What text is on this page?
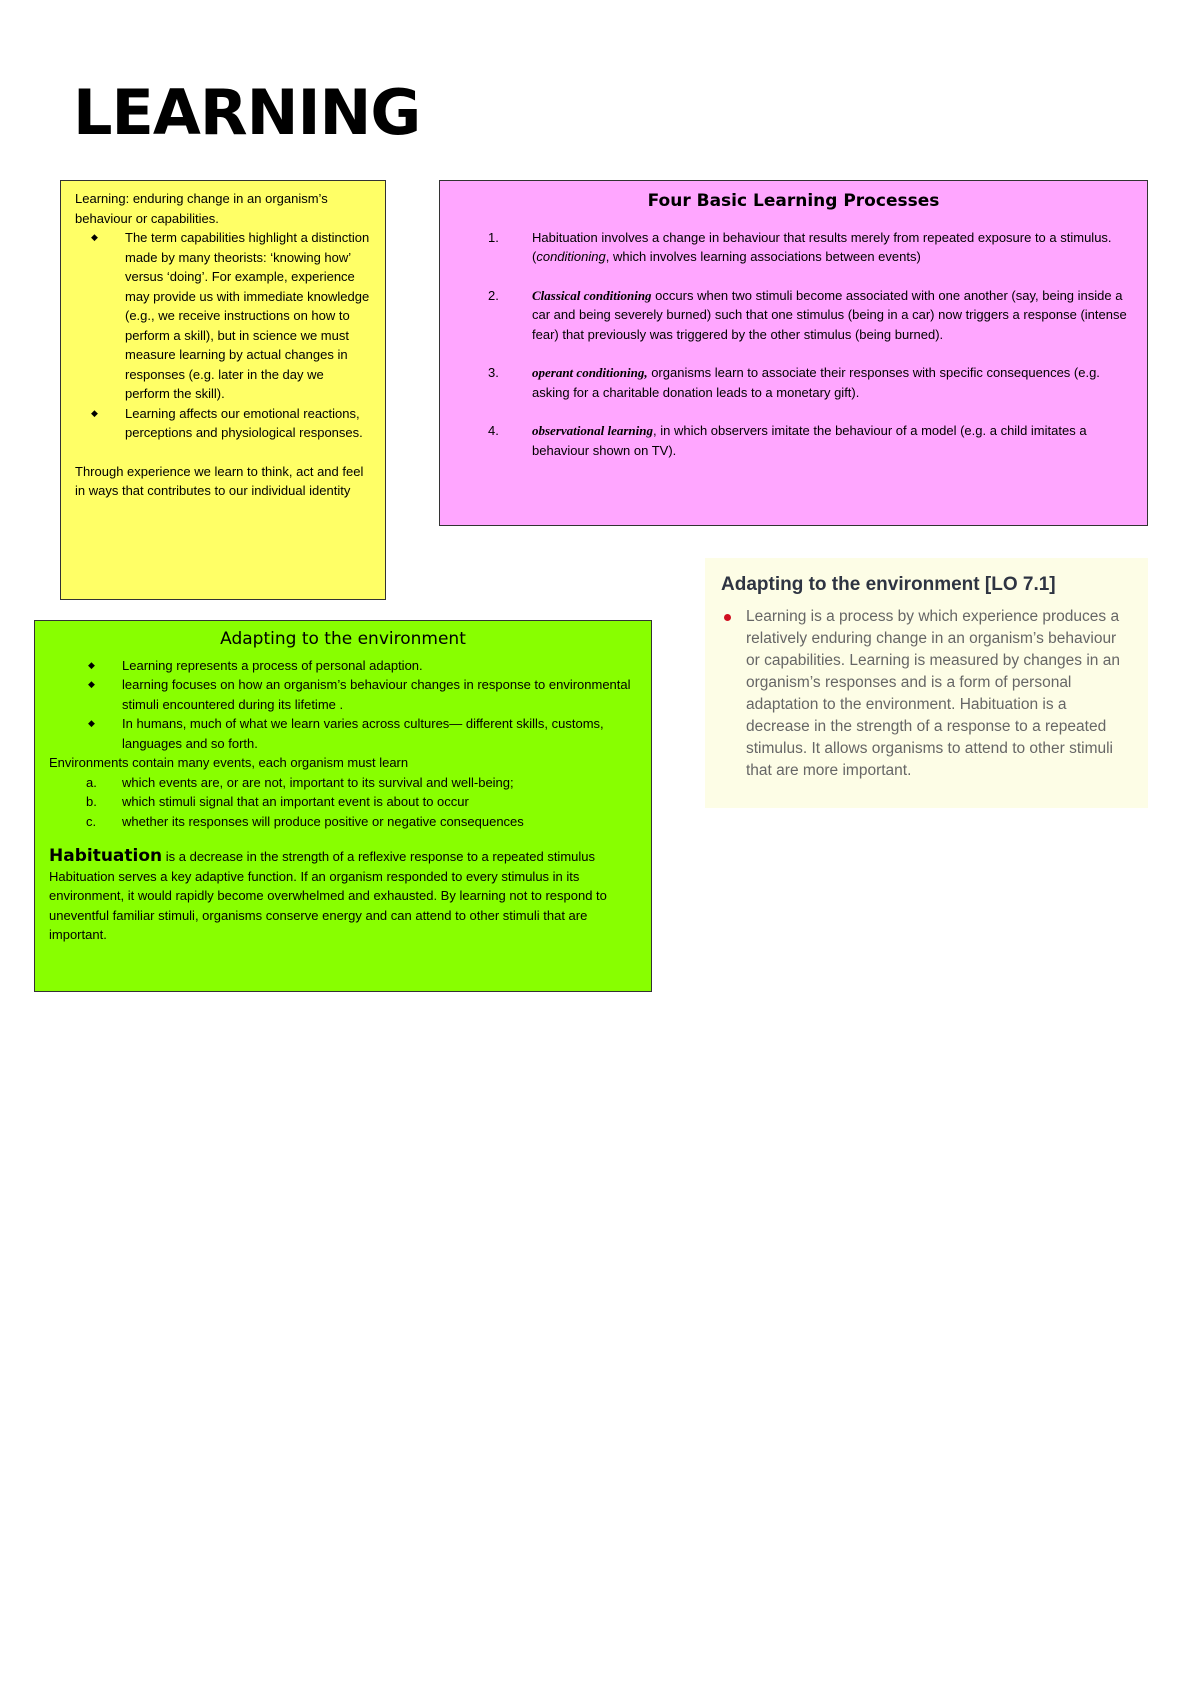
LEARNING

Learning: enduring change in an organism’s behaviour or capabilities.

◆ The term capabilities highlight a distinction made by many theorists: ‘knowing how’ versus ‘doing’. For example, experience may provide us with immediate knowledge (e.g., we receive instructions on how to perform a skill), but in science we must measure learning by actual changes in responses (e.g. later in the day we perform the skill).
◆ Learning affects our emotional reactions, perceptions and physiological responses.

Through experience we learn to think, act and feel in ways that contributes to our individual identity

Four Basic Learning Processes
1.	Habituation involves a change in behaviour that results merely from repeated exposure to a stimulus. (conditioning, which involves learning associations between events)
2.	Classical conditioning occurs when two stimuli become associated with one another (say, being inside a car and being severely burned) such that one stimulus (being in a car) now triggers a response (intense fear) that previously was triggered by the other stimulus (being burned).
3.	operant conditioning, organisms learn to associate their responses with specific consequences (e.g. asking for a charitable donation leads to a monetary gift).
4.	observational learning, in which observers imitate the behaviour of a model (e.g. a child imitates a behaviour shown on TV).
Adapting to the environment [LO 7.1]
Learning is a process by which experience produces a relatively enduring change in an organism’s behaviour or capabilities. Learning is measured by changes in an organism’s responses and is a form of personal adaptation to the environment. Habituation is a decrease in the strength of a response to a repeated stimulus. It allows organisms to attend to other stimuli that are more important.
Adapting to the environment
◆ Learning represents a process of personal adaption.
◆ learning focuses on how an organism’s behaviour changes in response to environmental stimuli encountered during its lifetime .
◆ In humans, much of what we learn varies across cultures— different skills, customs, languages and so forth.

Environments contain many events, each organism must learn

a. which events are, or are not, important to its survival and well-being;
b. which stimuli signal that an important event is about to occur
c. whether its responses will produce positive or negative consequences

Habituation is a decrease in the strength of a reflexive response to a repeated stimulus

Habituation serves a key adaptive function. If an organism responded to every stimulus in its environment, it would rapidly become overwhelmed and exhausted. By learning not to respond to uneventful familiar stimuli, organisms conserve energy and can attend to other stimuli that are important.
